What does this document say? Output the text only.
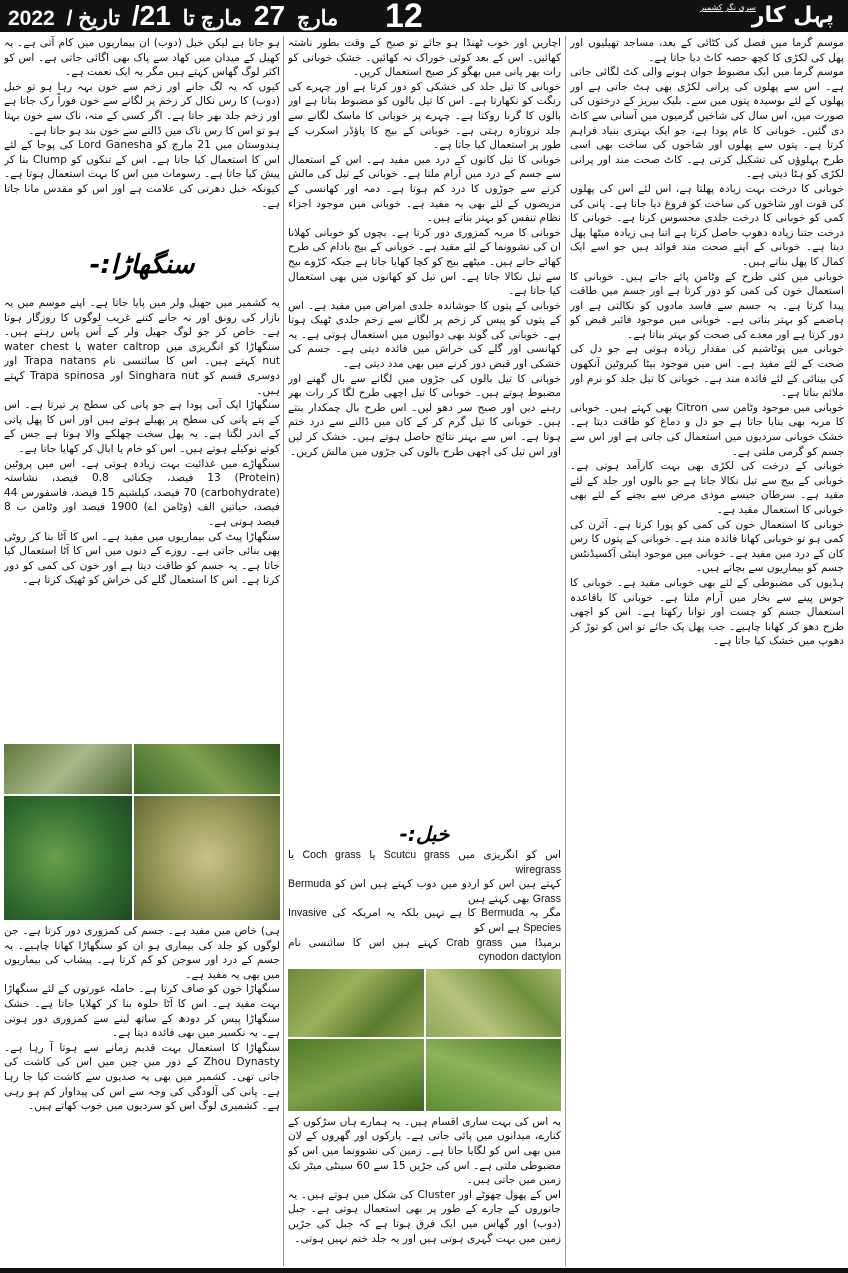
2022 / مارچ 27 مارچ تا 21/ تاریخ	12	سری نگر کشمیر
پہل کار

موسم گرما میں فصل کی کٹائی کے بعد، مساجد تھیلیوں اور پھل کی لکڑی کا کچھ حصہ کاٹ دیا جاتا ہے۔

موسم گرما میں ایک مضبوط جوان ہونے والی کٹ لگائی جاتی ہے۔ اس سے پھلوں کی پرانی لکڑی بھی ہٹ جاتی ہے اور پھلوں کے لئے بوسیدہ پتوں میں سے۔ بلیک بیریز کے درختوں کی صورت میں، اس سال کی شاخیں گرمیوں میں آسانی سے کاٹ دی گئیں۔ خوبانی کا عام پودا ہے، جو ایک بہتری بنیاد فراہم کرتا ہے۔ پتوں سے پھلوں اور شاخوں کی ساخت بھی اسی طرح پہلوؤں کی تشکیل کرتی ہے۔ کاٹ صحت مند اور پرانی لکڑی کو ہٹا دیتی ہے۔

خوبانی کا درخت بہت زیادہ پھلتا ہے، اس لئے اس کی پھلوں کی قوت اور شاخوں کی ساخت کو فروغ دیا جاتا ہے۔ پانی کی کمی کو خوبانی کا درخت جلدی محسوس کرتا ہے۔ خوبانی کا درخت جتنا زیادہ دھوپ حاصل کرتا ہے اتنا ہی زیادہ میٹھا پھل دیتا ہے۔ خوبانی کے اپنے صحت مند فوائد ہیں جو اسے ایک کمال کا پھل بناتے ہیں۔

خوبانی میں کئی طرح کے وٹامن پائے جاتے ہیں۔ خوبانی کا استعمال خون کی کمی کو دور کرتا ہے اور جسم میں طاقت پیدا کرتا ہے۔ یہ جسم سے فاسد مادوں کو نکالتی ہے اور ہاضمے کو بہتر بناتی ہے۔ خوبانی میں موجود فائبر قبض کو دور کرتا ہے اور معدے کی صحت کو بہتر بناتا ہے۔

خوبانی میں پوٹاشیم کی مقدار زیادہ ہوتی ہے جو دل کی صحت کے لئے مفید ہے۔ اس میں موجود بیٹا کیروٹین آنکھوں کی بینائی کے لئے فائدہ مند ہے۔ خوبانی کا تیل جلد کو نرم اور ملائم بناتا ہے۔

خوبانی میں موجود وٹامن سی Citron بھی کہتے ہیں۔ خوبانی کا مربہ بھی بنایا جاتا ہے جو دل و دماغ کو طاقت دیتا ہے۔ خشک خوبانی سردیوں میں استعمال کی جاتی ہے اور اس سے جسم کو گرمی ملتی ہے۔

خوبانی کے درخت کی لکڑی بھی بہت کارآمد ہوتی ہے۔ خوبانی کے بیج سے تیل نکالا جاتا ہے جو بالوں اور جلد کے لئے مفید ہے۔ سرطان جیسے موذی مرض سے بچنے کے لئے بھی خوبانی کا استعمال مفید ہے۔

خوبانی کا استعمال خون کی کمی کو پورا کرتا ہے۔ آئرن کی کمی ہو تو خوبانی کھانا فائدہ مند ہے۔ خوبانی کے پتوں کا رس کان کے درد میں مفید ہے۔ خوبانی میں موجود اینٹی آکسیڈنٹس جسم کو بیماریوں سے بچاتے ہیں۔

ہڈیوں کی مضبوطی کے لئے بھی خوبانی مفید ہے۔ خوبانی کا جوس پینے سے بخار میں آرام ملتا ہے۔ خوبانی کا باقاعدہ استعمال جسم کو چست اور توانا رکھتا ہے۔ اس کو اچھی طرح دھو کر کھانا چاہیے۔ جب پھل پک جائے تو اس کو توڑ کر دھوپ میں خشک کیا جاتا ہے۔

اچاریں اور خوب ٹھنڈا ہو جائے تو صبح کے وقت بطور ناشتہ کھائیں۔ اس کے بعد کوئی خوراک نہ کھائیں۔ خشک خوبانی کو رات بھر پانی میں بھگو کر صبح استعمال کریں۔

خوبانی کا تیل جلد کی خشکی کو دور کرتا ہے اور چہرے کی رنگت کو نکھارتا ہے۔ اس کا تیل بالوں کو مضبوط بناتا ہے اور بالوں کا گرنا روکتا ہے۔ چہرے پر خوبانی کا ماسک لگانے سے جلد تروتازہ رہتی ہے۔ خوبانی کے بیج کا پاؤڈر اسکرب کے طور پر استعمال کیا جاتا ہے۔

خوبانی کا تیل کانوں کے درد میں مفید ہے۔ اس کے استعمال سے جسم کے درد میں آرام ملتا ہے۔ خوبانی کے تیل کی مالش کرنے سے جوڑوں کا درد کم ہوتا ہے۔ دمہ اور کھانسی کے مریضوں کے لئے بھی یہ مفید ہے۔ خوبانی میں موجود اجزاء نظام تنفس کو بہتر بناتے ہیں۔

خوبانی کا مربہ کمزوری دور کرتا ہے۔ بچوں کو خوبانی کھلانا ان کی نشوونما کے لئے مفید ہے۔ خوبانی کے بیج بادام کی طرح کھائے جاتے ہیں۔ میٹھے بیج کو کچا کھایا جاتا ہے جبکہ کڑوے بیج سے تیل نکالا جاتا ہے۔ اس تیل کو کھانوں میں بھی استعمال کیا جاتا ہے۔

خوبانی کے پتوں کا جوشاندہ جلدی امراض میں مفید ہے۔ اس کے پتوں کو پیس کر زخم پر لگانے سے زخم جلدی ٹھیک ہوتا ہے۔ خوبانی کی گوند بھی دوائیوں میں استعمال ہوتی ہے۔ یہ کھانسی اور گلے کی خراش میں فائدہ دیتی ہے۔ جسم کی خشکی اور قبض دور کرنے میں بھی مدد دیتی ہے۔

خوبانی کا تیل بالوں کی جڑوں میں لگانے سے بال گھنے اور مضبوط ہوتے ہیں۔ خوبانی کا تیل اچھی طرح لگا کر رات بھر رہنے دیں اور صبح سر دھو لیں۔ اس طرح بال چمکدار بنتے ہیں۔ خوبانی کا تیل گرم کر کے کان میں ڈالنے سے درد ختم ہوتا ہے۔ اس سے بہتر نتائج حاصل ہوتے ہیں۔ خشک کر لیں اور اس تیل کی اچھی طرح بالوں کی جڑوں میں مالش کریں۔

خبل:-
اس کو انگریزی میں Scutcu grass یا Coch grass یا wiregrass
کہتے ہیں اس کو اردو میں دوب کہتے ہیں اس کو Bermuda Grass بھی کہتے ہیں
مگر یہ Bermuda کا ہے نہیں بلکہ یہ امریکہ کی Invasive Species ہے اس کو
برمیڈا میں Crab grass کہتے ہیں اس کا سائنسی نام cynodon dactylon

یہ اس کی بہت ساری اقسام ہیں۔ یہ ہمارے ہاں سڑکوں کے کنارے، میدانوں میں پائی جاتی ہے۔ پارکوں اور گھروں کے لان میں بھی اس کو لگایا جاتا ہے۔ زمین کی نشوونما میں اس کو مضبوطی ملتی ہے۔ اس کی جڑیں 15 سے 60 سینٹی میٹر تک زمین میں جاتی ہیں۔

اس کے پھول چھوٹے اور Cluster کی شکل میں ہوتے ہیں۔ یہ جانوروں کے چارے کے طور پر بھی استعمال ہوتی ہے۔ جبل (دوب) اور گھاس میں ایک فرق ہوتا ہے کہ جبل کی جڑیں زمین میں بہت گہری ہوتی ہیں اور یہ جلد ختم نہیں ہوتی۔

ہو جاتا ہے لیکن خبل (دوب) ان بیماریوں میں کام آتی ہے۔ یہ کھیل کے میدان میں کھاد سے پاک بھی اگائی جاتی ہے۔ اس کو اکثر لوگ گھاس کہتے ہیں مگر یہ ایک نعمت ہے۔

کیوں کہ یہ لگ جانے اور زخم سے خون بہہ رہا ہو تو خبل (دوب) کا رس نکال کر زخم پر لگانے سے خون فوراً رک جاتا ہے اور زخم جلد بھر جاتا ہے۔ اگر کسی کے منہ، ناک سے خون بہتا ہو تو اس کا رس ناک میں ڈالنے سے خون بند ہو جاتا ہے۔

ہندوستان میں 21 مارچ کو Lord Ganesha کی پوجا کے لئے اس کا استعمال کیا جاتا ہے۔ اس کے تنکوں کو Clump بنا کر پیش کیا جاتا ہے۔ رسومات میں اس کا بہت استعمال ہوتا ہے۔ کیونکہ خبل دھرتی کی علامت ہے اور اس کو مقدس مانا جاتا ہے۔

سنگھاڑا:-

یہ کشمیر میں جھیل ولر میں پایا جاتا ہے۔ اپنے موسم میں یہ بازار کی رونق اور نہ جانے کتنے غریب لوگوں کا روزگار ہوتا ہے۔ خاص کر جو لوگ جھیل ولر کے آس پاس رہتے ہیں۔ سنگھاڑا کو انگریزی میں water caltrop یا water chest nut کہتے ہیں۔ اس کا سائنسی نام Trapa natans اور دوسری قسم کو Singhara nut اور Trapa spinosa کہتے ہیں۔

سنگھاڑا ایک آبی پودا ہے جو پانی کی سطح پر تیرتا ہے۔ اس کے پتے پانی کی سطح پر پھیلے ہوتے ہیں اور اس کا پھل پانی کے اندر لگتا ہے۔ یہ پھل سخت چھلکے والا ہوتا ہے جس کے کونے نوکیلے ہوتے ہیں۔ اس کو خام یا ابال کر کھایا جاتا ہے۔

سنگھاڑے میں غذائیت بہت زیادہ ہوتی ہے۔ اس میں پروٹین (Protein) 13 فیصد، چکنائی 0.8 فیصد، نشاستہ (carbohydrate) 70 فیصد، کیلشیم 15 فیصد، فاسفورس 44 فیصد، حیاتین الف (وٹامن اے) 1900 فیصد اور وٹامن ب 8 فیصد ہوتی ہے۔

سنگھاڑا پیٹ کی بیماریوں میں مفید ہے۔ اس کا آٹا بنا کر روٹی بھی بنائی جاتی ہے۔ روزے کے دنوں میں اس کا آٹا استعمال کیا جاتا ہے۔ یہ جسم کو طاقت دیتا ہے اور خون کی کمی کو دور کرتا ہے۔ اس کا استعمال گلے کی خراش کو ٹھیک کرتا ہے۔

ہی) خاص میں مفید ہے۔ جسم کی کمزوری دور کرتا ہے۔ جن لوگوں کو جلد کی بیماری ہو ان کو سنگھاڑا کھانا چاہیے۔ یہ جسم کے درد اور سوجن کو کم کرتا ہے۔ پیشاب کی بیماریوں میں بھی یہ مفید ہے۔

سنگھاڑا خون کو صاف کرتا ہے۔ حاملہ عورتوں کے لئے سنگھاڑا بہت مفید ہے۔ اس کا آٹا حلوہ بنا کر کھلایا جاتا ہے۔ خشک سنگھاڑا پیس کر دودھ کے ساتھ لینے سے کمزوری دور ہوتی ہے۔ یہ نکسیر میں بھی فائدہ دیتا ہے۔

سنگھاڑا کا استعمال بہت قدیم زمانے سے ہوتا آ رہا ہے۔ Zhou Dynasty کے دور میں چین میں اس کی کاشت کی جاتی تھی۔ کشمیر میں بھی یہ صدیوں سے کاشت کیا جا رہا ہے۔ پانی کی آلودگی کی وجہ سے اس کی پیداوار کم ہو رہی ہے۔ کشمیری لوگ اس کو سردیوں میں خوب کھاتے ہیں۔
